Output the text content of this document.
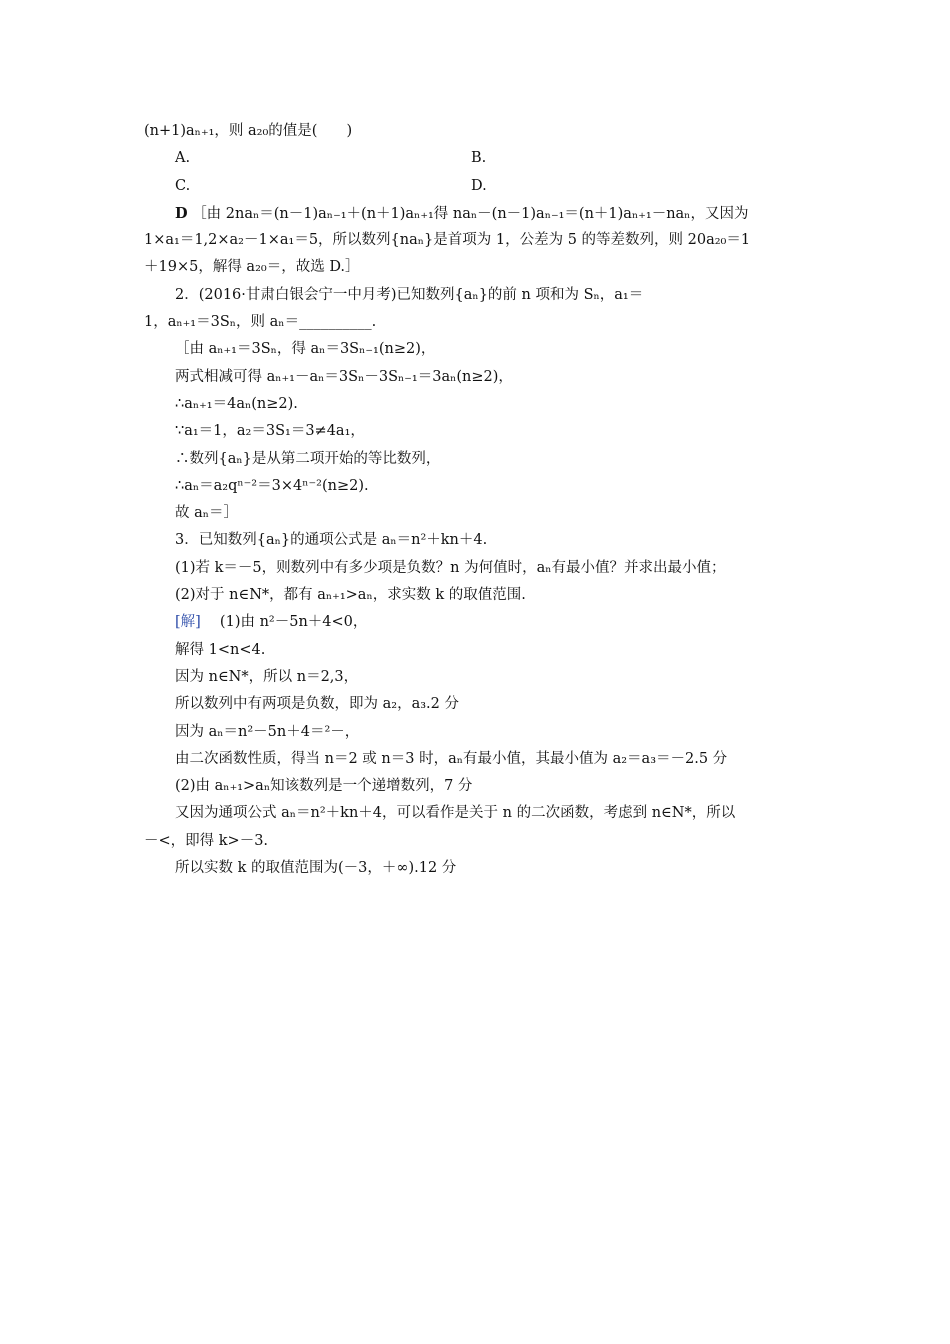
(n+1)aₙ₊₁，则 a₂₀的值是(　　)
A.	B.
C.	D.
D ［由 2naₙ＝(n－1)aₙ₋₁＋(n＋1)aₙ₊₁得 naₙ－(n－1)aₙ₋₁＝(n＋1)aₙ₊₁－naₙ，又因为
1×a₁＝1,2×a₂－1×a₁＝5，所以数列{naₙ}是首项为 1，公差为 5 的等差数列，则 20a₂₀＝1
＋19×5，解得 a₂₀＝，故选 D.］
2．(2016·甘肃白银会宁一中月考)已知数列{aₙ}的前 n 项和为 Sₙ，a₁＝
1，aₙ₊₁＝3Sₙ，则 aₙ＝__________.
［由 aₙ₊₁＝3Sₙ，得 aₙ＝3Sₙ₋₁(n≥2)，
两式相减可得 aₙ₊₁－aₙ＝3Sₙ－3Sₙ₋₁＝3aₙ(n≥2)，
∴aₙ₊₁＝4aₙ(n≥2).
∵a₁＝1，a₂＝3S₁＝3≠4a₁，
∴数列{aₙ}是从第二项开始的等比数列，
∴aₙ＝a₂qⁿ⁻²＝3×4ⁿ⁻²(n≥2).
故 aₙ＝］
3．已知数列{aₙ}的通项公式是 aₙ＝n²＋kn＋4.
(1)若 k＝－5，则数列中有多少项是负数？n 为何值时，aₙ有最小值？并求出最小值；
(2)对于 n∈N*，都有 aₙ₊₁>aₙ，求实数 k 的取值范围.
[解] 　(1)由 n²－5n＋4<0，
解得 1<n<4.
因为 n∈N*，所以 n＝2,3，
所以数列中有两项是负数，即为 a₂，a₃.2 分
因为 aₙ＝n²－5n＋4＝²－，
由二次函数性质，得当 n＝2 或 n＝3 时，aₙ有最小值，其最小值为 a₂＝a₃＝－2.5 分
(2)由 aₙ₊₁>aₙ知该数列是一个递增数列，7 分
又因为通项公式 aₙ＝n²＋kn＋4，可以看作是关于 n 的二次函数，考虑到 n∈N*，所以
－<，即得 k>－3.
所以实数 k 的取值范围为(－3，＋∞).12 分
